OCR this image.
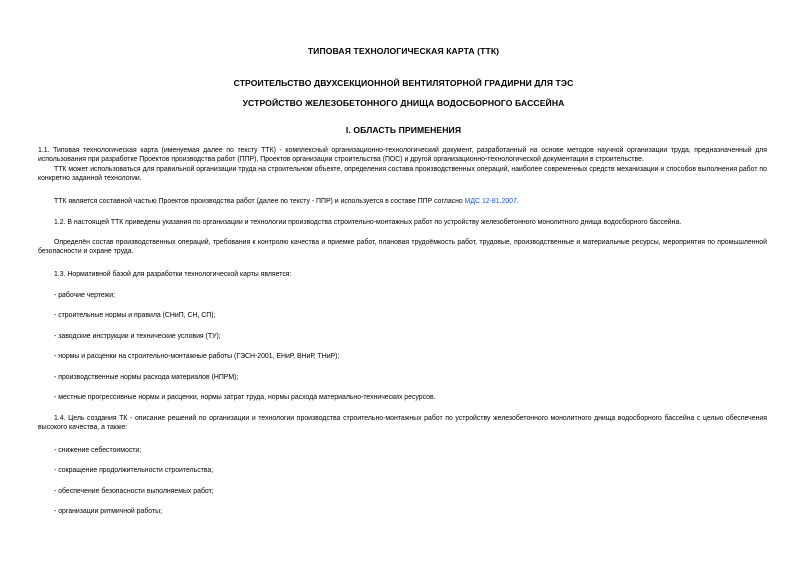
ТИПОВАЯ ТЕХНОЛОГИЧЕСКАЯ КАРТА (ТТК)
СТРОИТЕЛЬСТВО ДВУХСЕКЦИОННОЙ ВЕНТИЛЯТОРНОЙ ГРАДИРНИ ДЛЯ ТЭС
УСТРОЙСТВО ЖЕЛЕЗОБЕТОННОГО ДНИЩА ВОДОСБОРНОГО БАССЕЙНА
I. ОБЛАСТЬ ПРИМЕНЕНИЯ
1.1. Типовая технологическая карта (именуемая далее по тексту ТТК) - комплексный организационно-технологический документ, разработанный на основе методов научной организации труда, предназначенный для использования при разработке Проектов производства работ (ППР), Проектов организации строительства (ПОС) и другой организационно-технологической документации в строительстве.
ТТК может использоваться для правильной организации труда на строительном объекте, определения состава производственных операций, наиболее современных средств механизации и способов выполнения работ по конкретно заданной технологии.
ТТК является составной частью Проектов производства работ (далее по тексту - ППР) и используется в составе ППР согласно МДС 12-81.2007.
1.2. В настоящей ТТК приведены указания по организации и технологии производства строительно-монтажных работ по устройству железобетонного монолитного днища водосборного бассейна.
Определён состав производственных операций, требования к контролю качества и приемке работ, плановая трудоёмкость работ, трудовые, производственные и материальные ресурсы, мероприятия по промышленной безопасности и охране труда.
1.3. Нормативной базой для разработки технологической карты является:
- рабочие чертежи;
- строительные нормы и правила (СНиП, СН, СП);
- заводские инструкции и технические условия (ТУ);
- нормы и расценки на строительно-монтажные работы (ГЭСН-2001, ЕНиР, ВНиР, ТНиР);
- производственные нормы расхода материалов (НПРМ);
- местные прогрессивные нормы и расценки, нормы затрат труда, нормы расхода материально-технических ресурсов.
1.4. Цель создания ТК - описание решений по организации и технологии производства строительно-монтажных работ по устройству железобетонного монолитного днища водосборного бассейна с целью обеспечения высокого качества, а также:
- снижение себестоимости;
- сокращение продолжительности строительства;
- обеспечение безопасности выполняемых работ;
- организации ритмичной работы;
